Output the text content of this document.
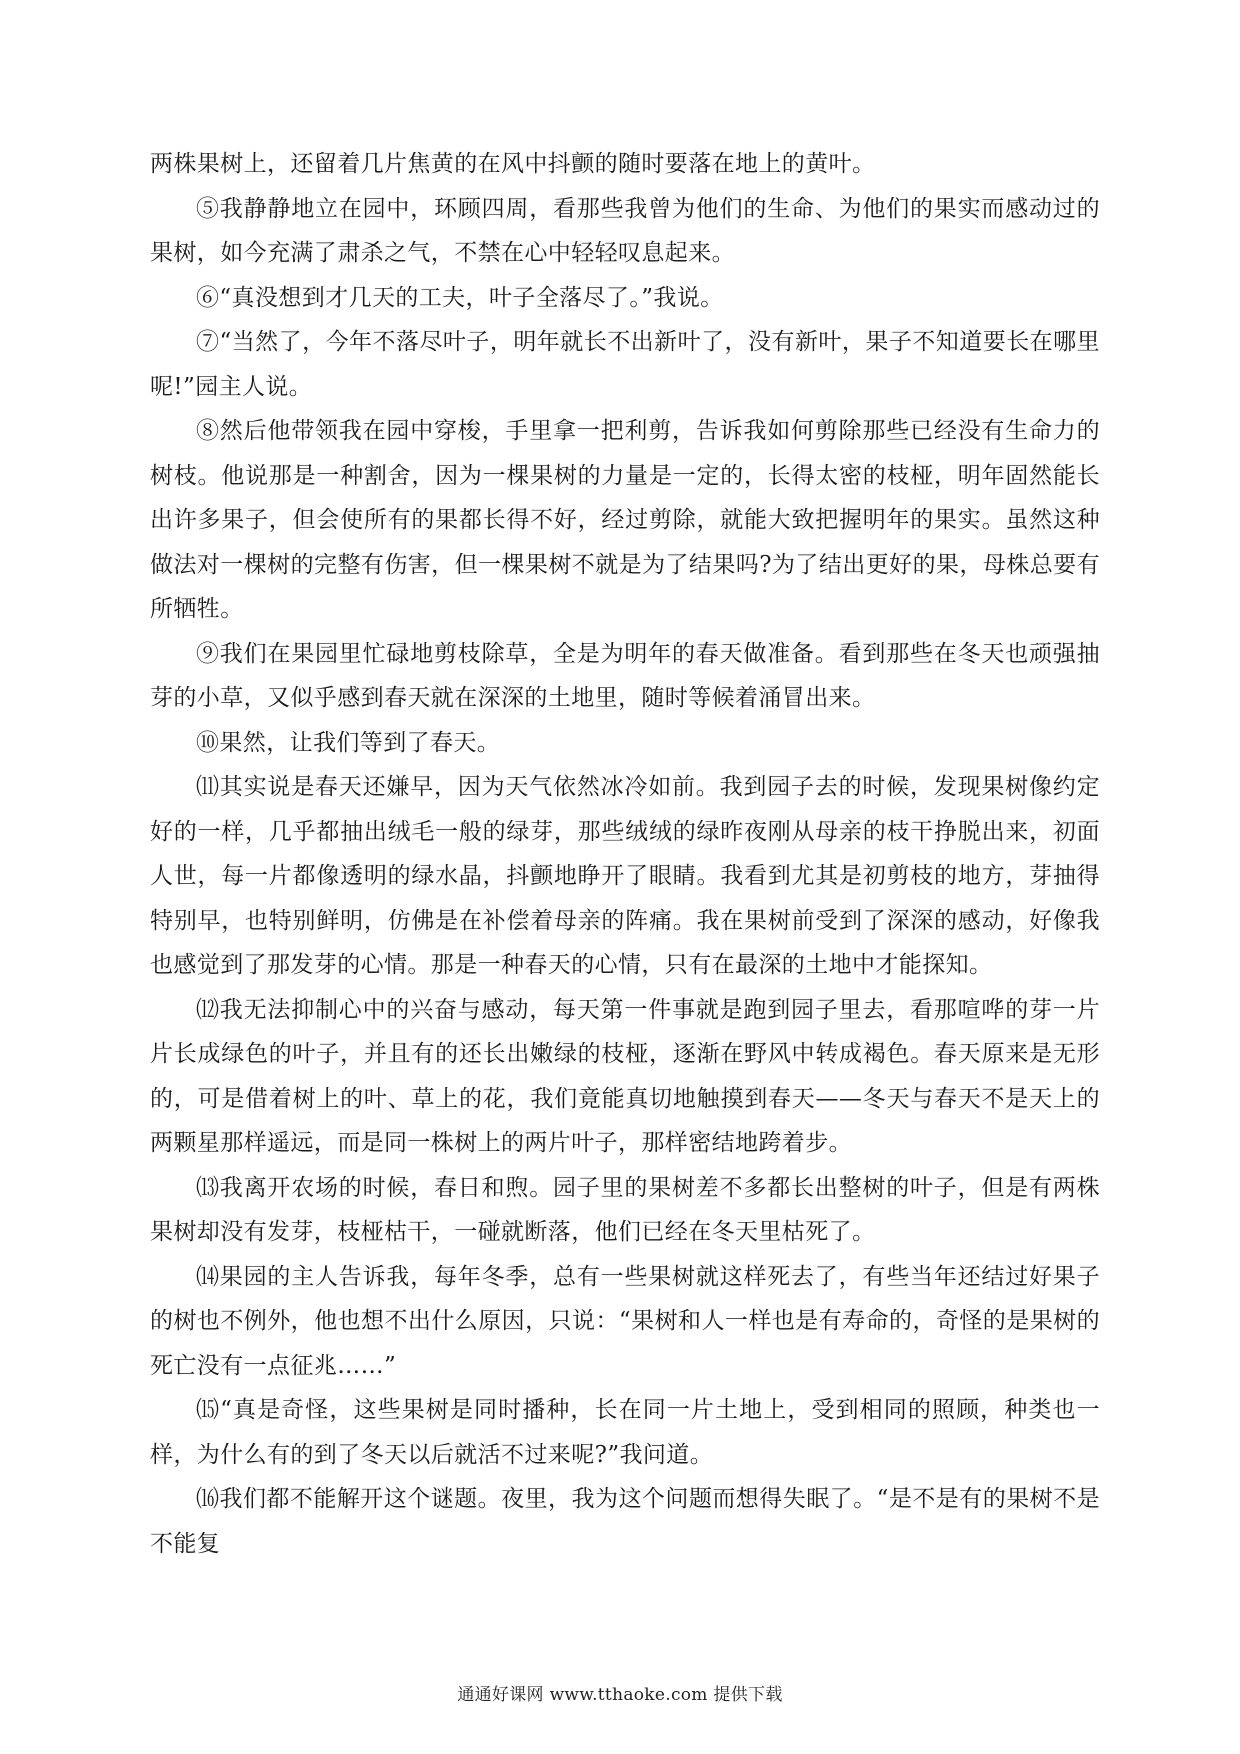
两株果树上，还留着几片焦黄的在风中抖颤的随时要落在地上的黄叶。

⑤我静静地立在园中，环顾四周，看那些我曾为他们的生命、为他们的果实而感动过的果树，如今充满了肃杀之气，不禁在心中轻轻叹息起来。

⑥“真没想到才几天的工夫，叶子全落尽了。”我说。

⑦“当然了，今年不落尽叶子，明年就长不出新叶了，没有新叶，果子不知道要长在哪里呢!”园主人说。

⑧然后他带领我在园中穿梭，手里拿一把利剪，告诉我如何剪除那些已经没有生命力的树枝。他说那是一种割舍，因为一棵果树的力量是一定的，长得太密的枝桠，明年固然能长出许多果子，但会使所有的果都长得不好，经过剪除，就能大致把握明年的果实。虽然这种做法对一棵树的完整有伤害，但一棵果树不就是为了结果吗?为了结出更好的果，母株总要有所牺牲。

⑨我们在果园里忙碌地剪枝除草，全是为明年的春天做准备。看到那些在冬天也顽强抽芽的小草，又似乎感到春天就在深深的土地里，随时等候着涌冒出来。

⑩果然，让我们等到了春天。

⑾其实说是春天还嫌早，因为天气依然冰冷如前。我到园子去的时候，发现果树像约定好的一样，几乎都抽出绒毛一般的绿芽，那些绒绒的绿昨夜刚从母亲的枝干挣脱出来，初面人世，每一片都像透明的绿水晶，抖颤地睁开了眼睛。我看到尤其是初剪枝的地方，芽抽得特别早，也特别鲜明，仿佛是在补偿着母亲的阵痛。我在果树前受到了深深的感动，好像我也感觉到了那发芽的心情。那是一种春天的心情，只有在最深的土地中才能探知。

⑿我无法抑制心中的兴奋与感动，每天第一件事就是跑到园子里去，看那喧哗的芽一片片长成绿色的叶子，并且有的还长出嫩绿的枝桠，逐渐在野风中转成褐色。春天原来是无形的，可是借着树上的叶、草上的花，我们竟能真切地触摸到春天——冬天与春天不是天上的两颗星那样遥远，而是同一株树上的两片叶子，那样密结地跨着步。

⒀我离开农场的时候，春日和煦。园子里的果树差不多都长出整树的叶子，但是有两株果树却没有发芽，枝桠枯干，一碰就断落，他们已经在冬天里枯死了。

⒁果园的主人告诉我，每年冬季，总有一些果树就这样死去了，有些当年还结过好果子的树也不例外，他也想不出什么原因，只说：“果树和人一样也是有寿命的，奇怪的是果树的死亡没有一点征兆……”

⒂“真是奇怪，这些果树是同时播种，长在同一片土地上，受到相同的照顾，种类也一样，为什么有的到了冬天以后就活不过来呢?”我问道。

⒃我们都不能解开这个谜题。夜里，我为这个问题而想得失眠了。“是不是有的果树不是不能复

通通好课网 www.tthaoke.com 提供下载
